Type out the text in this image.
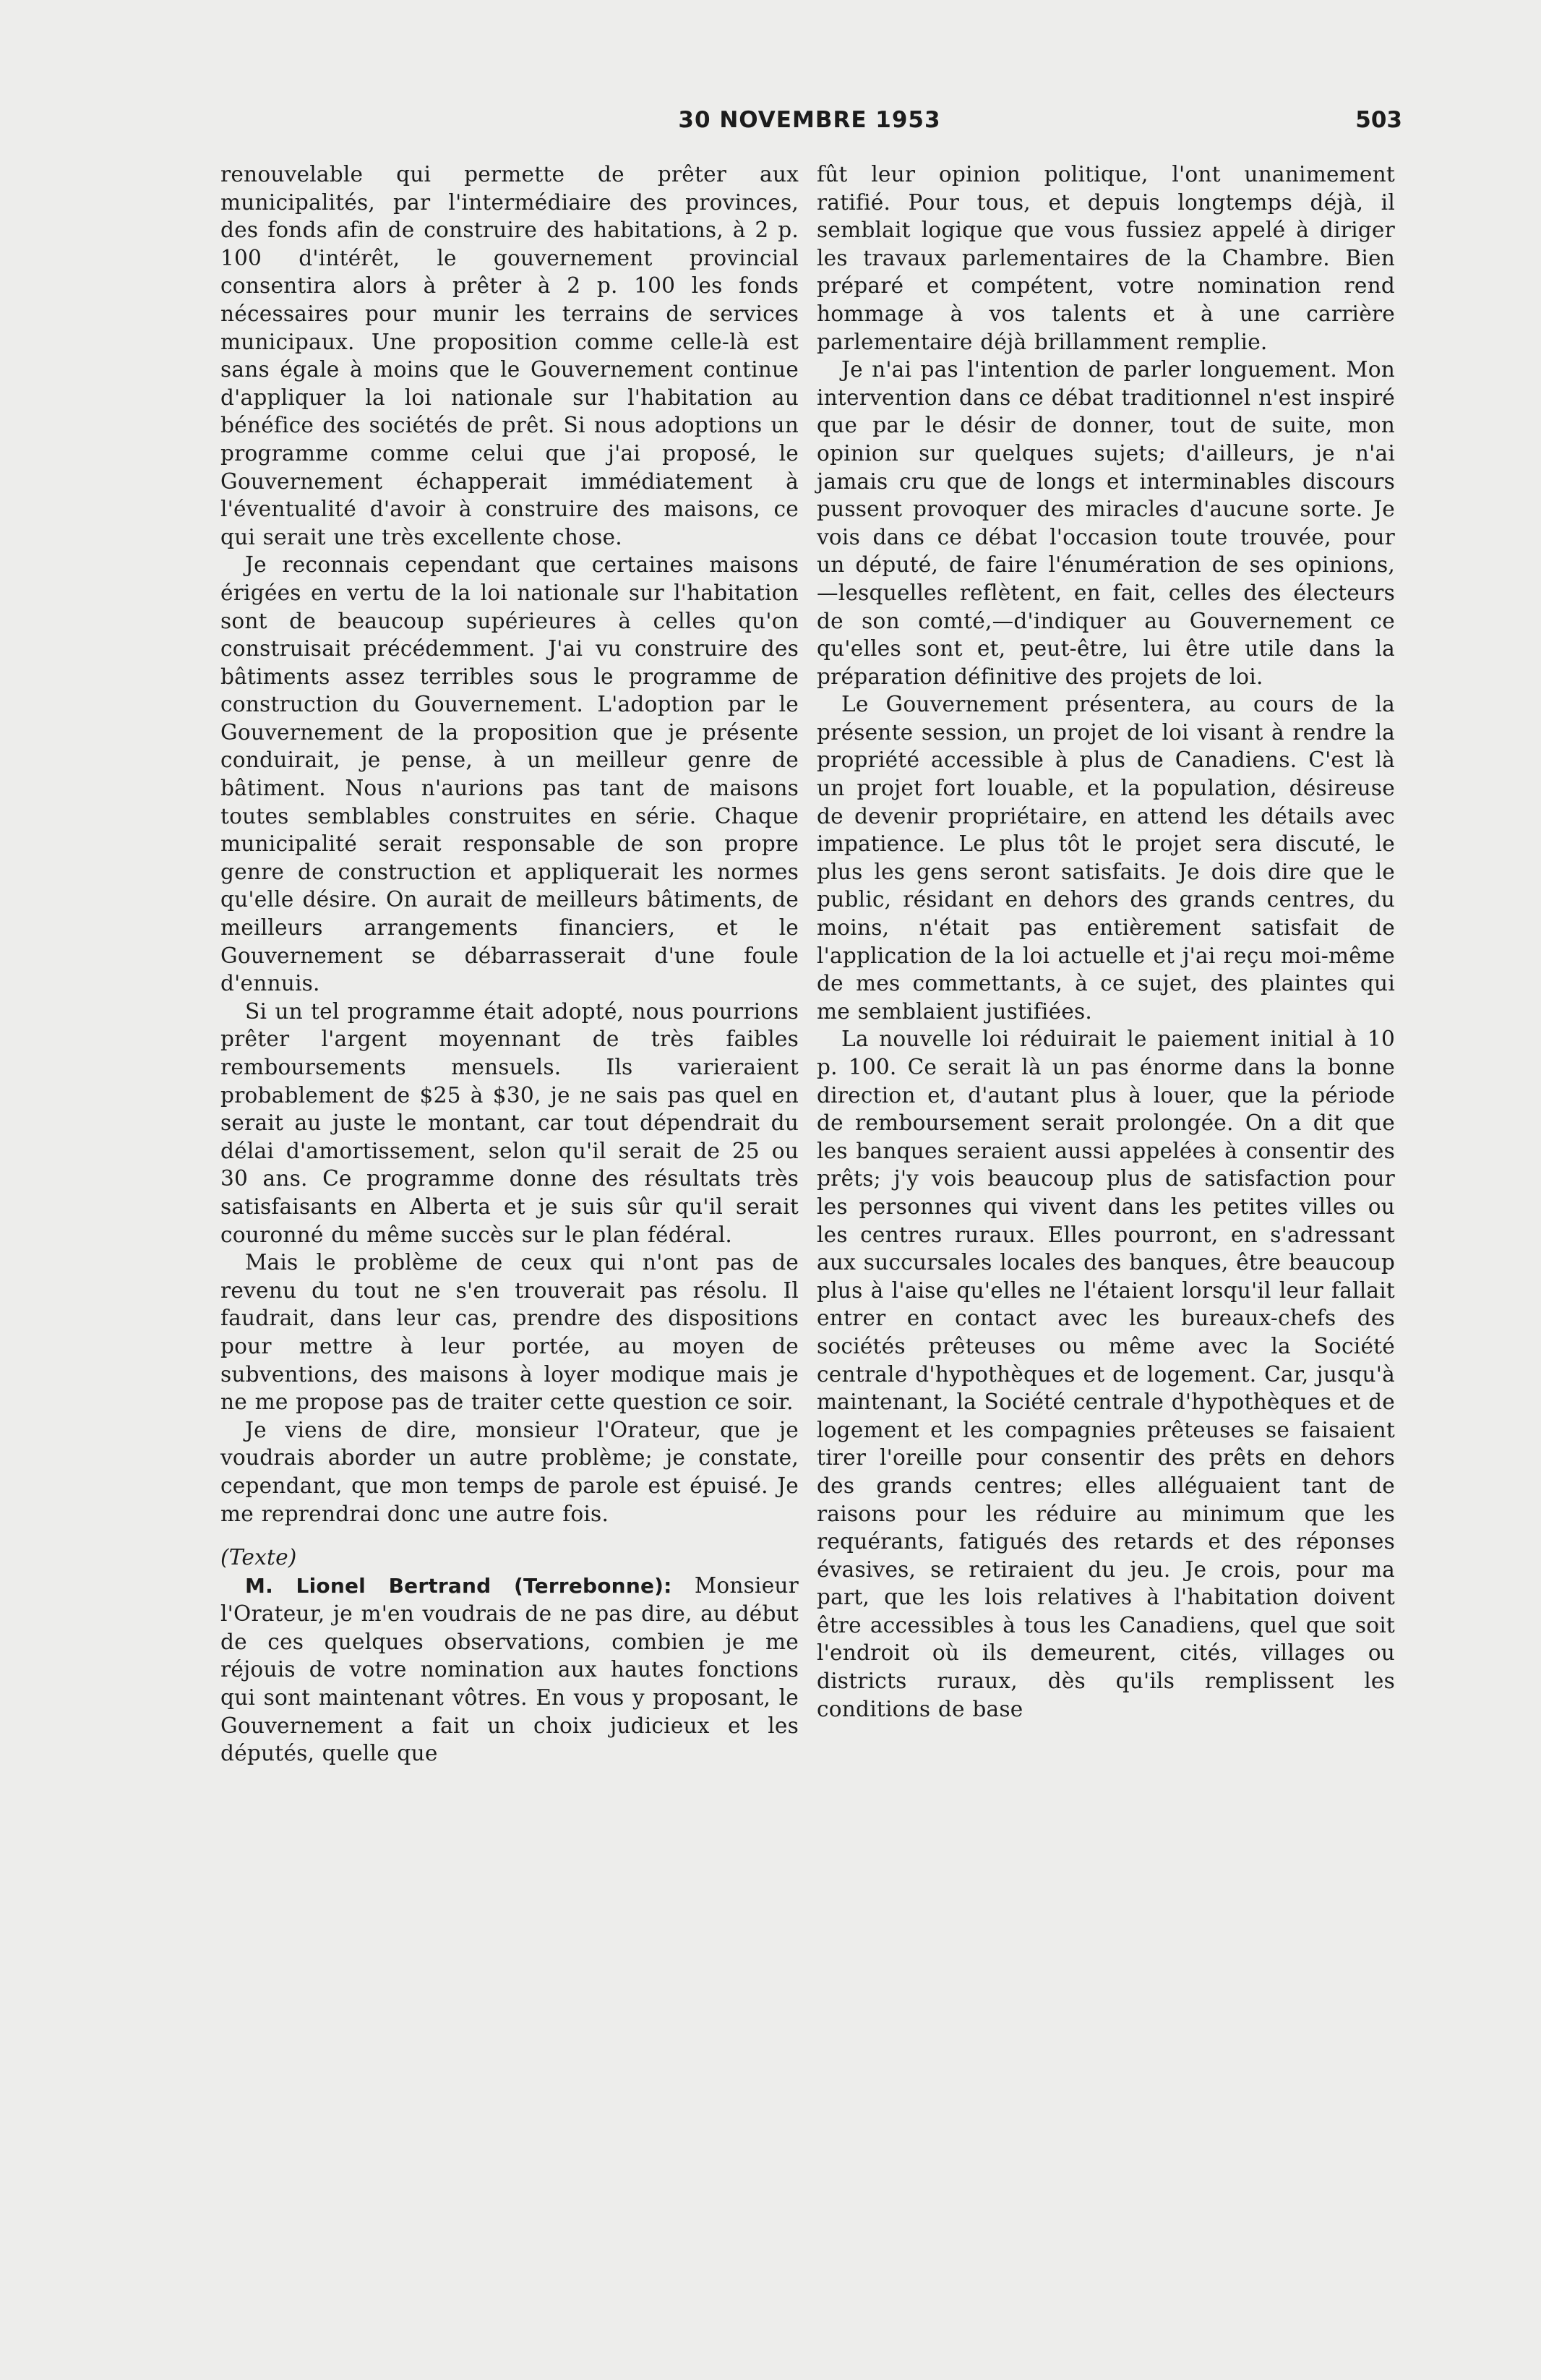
30 NOVEMBRE 1953	503

renouvelable qui permette de prêter aux municipalités, par l'intermédiaire des provinces, des fonds afin de construire des habitations, à 2 p. 100 d'intérêt, le gouvernement provincial consentira alors à prêter à 2 p. 100 les fonds nécessaires pour munir les terrains de services municipaux. Une proposition comme celle-là est sans égale à moins que le Gouvernement continue d'appliquer la loi nationale sur l'habitation au bénéfice des sociétés de prêt. Si nous adoptions un programme comme celui que j'ai proposé, le Gouvernement échapperait immédiatement à l'éventualité d'avoir à construire des maisons, ce qui serait une très excellente chose.

Je reconnais cependant que certaines maisons érigées en vertu de la loi nationale sur l'habitation sont de beaucoup supérieures à celles qu'on construisait précédemment. J'ai vu construire des bâtiments assez terribles sous le programme de construction du Gouvernement. L'adoption par le Gouvernement de la proposition que je présente conduirait, je pense, à un meilleur genre de bâtiment. Nous n'aurions pas tant de maisons toutes semblables construites en série. Chaque municipalité serait responsable de son propre genre de construction et appliquerait les normes qu'elle désire. On aurait de meilleurs bâtiments, de meilleurs arrangements financiers, et le Gouvernement se débarrasserait d'une foule d'ennuis.

Si un tel programme était adopté, nous pourrions prêter l'argent moyennant de très faibles remboursements mensuels. Ils varieraient probablement de $25 à $30, je ne sais pas quel en serait au juste le montant, car tout dépendrait du délai d'amortissement, selon qu'il serait de 25 ou 30 ans. Ce programme donne des résultats très satisfaisants en Alberta et je suis sûr qu'il serait couronné du même succès sur le plan fédéral.

Mais le problème de ceux qui n'ont pas de revenu du tout ne s'en trouverait pas résolu. Il faudrait, dans leur cas, prendre des dispositions pour mettre à leur portée, au moyen de subventions, des maisons à loyer modique mais je ne me propose pas de traiter cette question ce soir.

Je viens de dire, monsieur l'Orateur, que je voudrais aborder un autre problème; je constate, cependant, que mon temps de parole est épuisé. Je me reprendrai donc une autre fois.

(Texte)

M. Lionel Bertrand (Terrebonne): Monsieur l'Orateur, je m'en voudrais de ne pas dire, au début de ces quelques observations, combien je me réjouis de votre nomination aux hautes fonctions qui sont maintenant vôtres. En vous y proposant, le Gouvernement a fait un choix judicieux et les députés, quelle que

fût leur opinion politique, l'ont unanimement ratifié. Pour tous, et depuis longtemps déjà, il semblait logique que vous fussiez appelé à diriger les travaux parlementaires de la Chambre. Bien préparé et compétent, votre nomination rend hommage à vos talents et à une carrière parlementaire déjà brillamment remplie.

Je n'ai pas l'intention de parler longuement. Mon intervention dans ce débat traditionnel n'est inspiré que par le désir de donner, tout de suite, mon opinion sur quelques sujets; d'ailleurs, je n'ai jamais cru que de longs et interminables discours pussent provoquer des miracles d'aucune sorte. Je vois dans ce débat l'occasion toute trouvée, pour un député, de faire l'énumération de ses opinions, —lesquelles reflètent, en fait, celles des électeurs de son comté,—d'indiquer au Gouvernement ce qu'elles sont et, peut-être, lui être utile dans la préparation définitive des projets de loi.

Le Gouvernement présentera, au cours de la présente session, un projet de loi visant à rendre la propriété accessible à plus de Canadiens. C'est là un projet fort louable, et la population, désireuse de devenir propriétaire, en attend les détails avec impatience. Le plus tôt le projet sera discuté, le plus les gens seront satisfaits. Je dois dire que le public, résidant en dehors des grands centres, du moins, n'était pas entièrement satisfait de l'application de la loi actuelle et j'ai reçu moi-même de mes commettants, à ce sujet, des plaintes qui me semblaient justifiées.

La nouvelle loi réduirait le paiement initial à 10 p. 100. Ce serait là un pas énorme dans la bonne direction et, d'autant plus à louer, que la période de remboursement serait prolongée. On a dit que les banques seraient aussi appelées à consentir des prêts; j'y vois beaucoup plus de satisfaction pour les personnes qui vivent dans les petites villes ou les centres ruraux. Elles pourront, en s'adressant aux succursales locales des banques, être beaucoup plus à l'aise qu'elles ne l'étaient lorsqu'il leur fallait entrer en contact avec les bureaux-chefs des sociétés prêteuses ou même avec la Société centrale d'hypothèques et de logement. Car, jusqu'à maintenant, la Société centrale d'hypothèques et de logement et les compagnies prêteuses se faisaient tirer l'oreille pour consentir des prêts en dehors des grands centres; elles alléguaient tant de raisons pour les réduire au minimum que les requérants, fatigués des retards et des réponses évasives, se retiraient du jeu. Je crois, pour ma part, que les lois relatives à l'habitation doivent être accessibles à tous les Canadiens, quel que soit l'endroit où ils demeurent, cités, villages ou districts ruraux, dès qu'ils remplissent les conditions de base
